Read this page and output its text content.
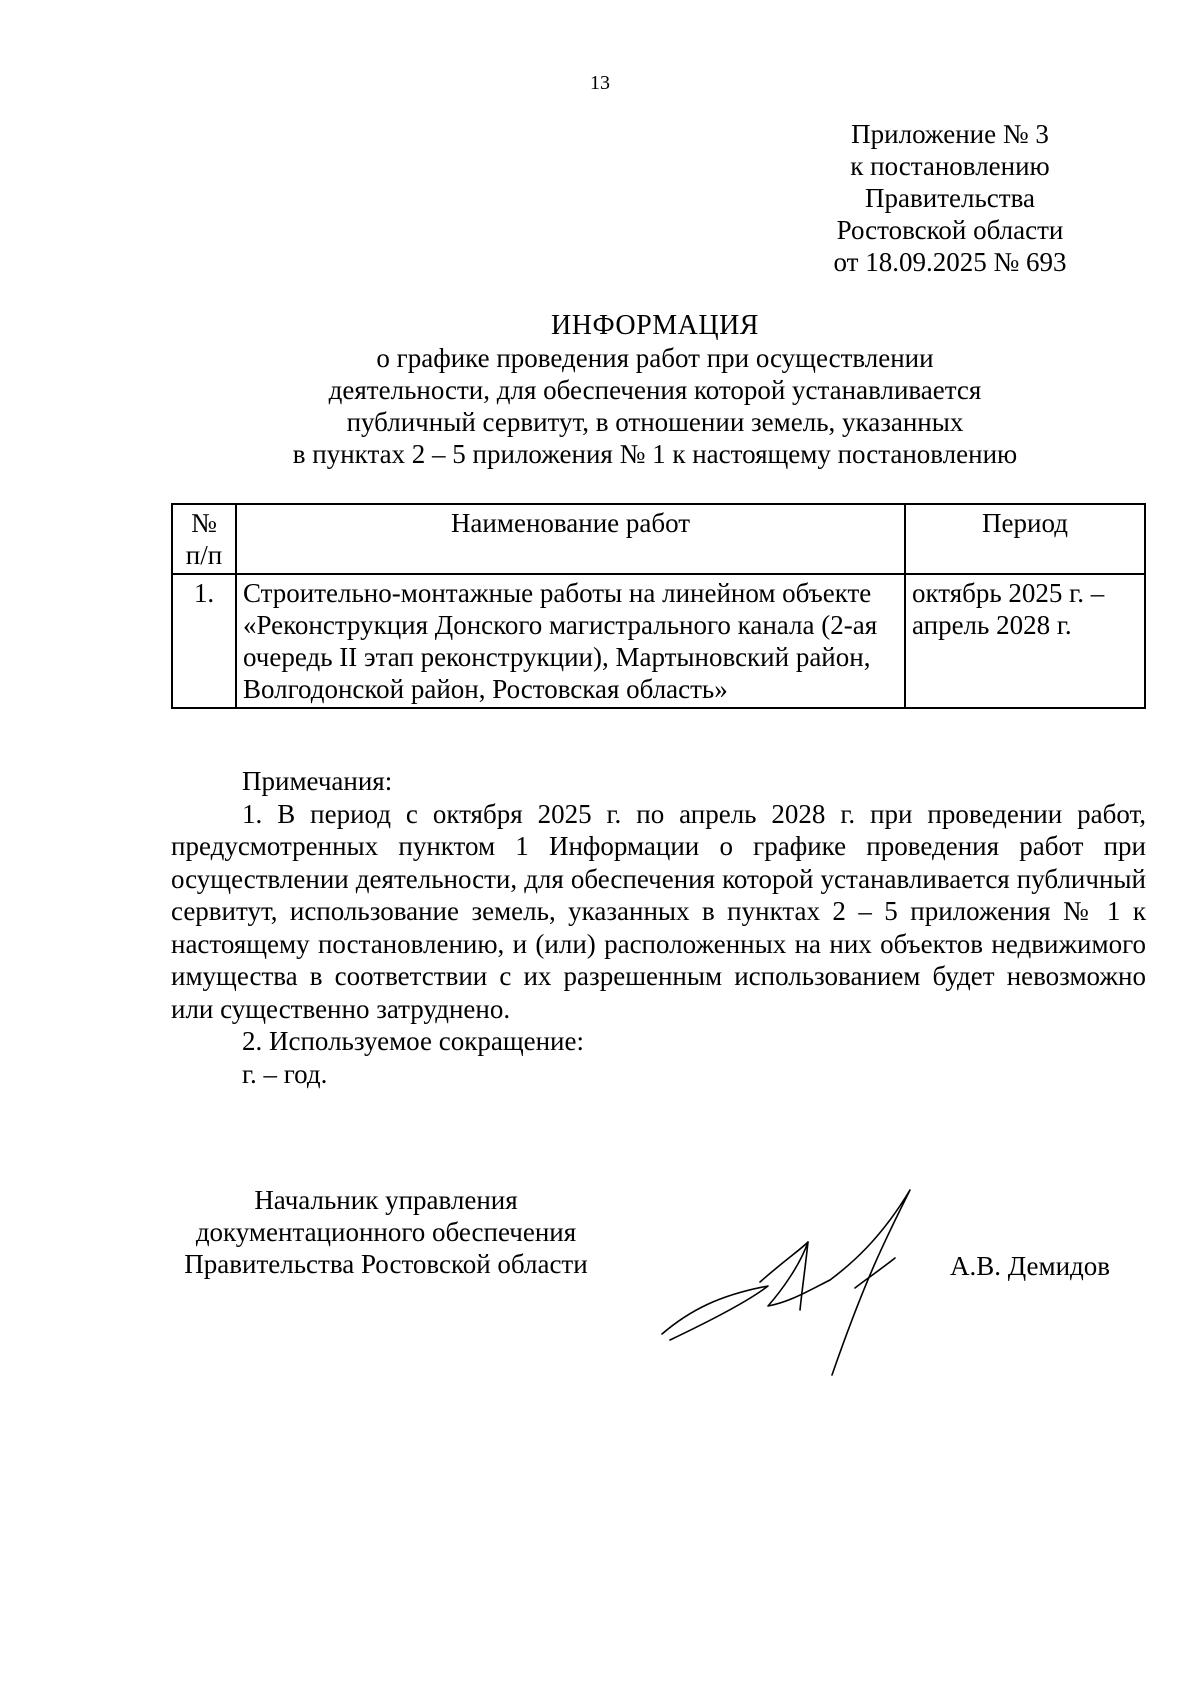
13
Приложение № 3
к постановлению
Правительства
Ростовской области
от 18.09.2025 № 693
ИНФОРМАЦИЯ
о графике проведения работ при осуществлении
деятельности, для обеспечения которой устанавливается
публичный сервитут, в отношении земель, указанных
в пунктах 2 – 5 приложения № 1 к настоящему постановлению
№
п/п	Наименование работ	Период
1.	Строительно-монтажные работы на линейном объекте «Реконструкция Донского магистрального канала (2-ая очередь II этап реконструкции), Мартыновский район, Волгодонской район, Ростовская область»	октябрь 2025 г. – апрель 2028 г.

Примечания:

1. В период с октября 2025 г. по апрель 2028 г. при проведении работ, предусмотренных пунктом 1 Информации о графике проведения работ при осуществлении деятельности, для обеспечения которой устанавливается публичный сервитут, использование земель, указанных в пунктах 2 – 5 приложения № 1 к настоящему постановлению, и (или) расположенных на них объектов недвижимого имущества в соответствии с их разрешенным использованием будет невозможно или существенно затруднено.

2. Используемое сокращение:

г. – год.

Начальник управления
документационного обеспечения
Правительства Ростовской области	А.В. Демидов
